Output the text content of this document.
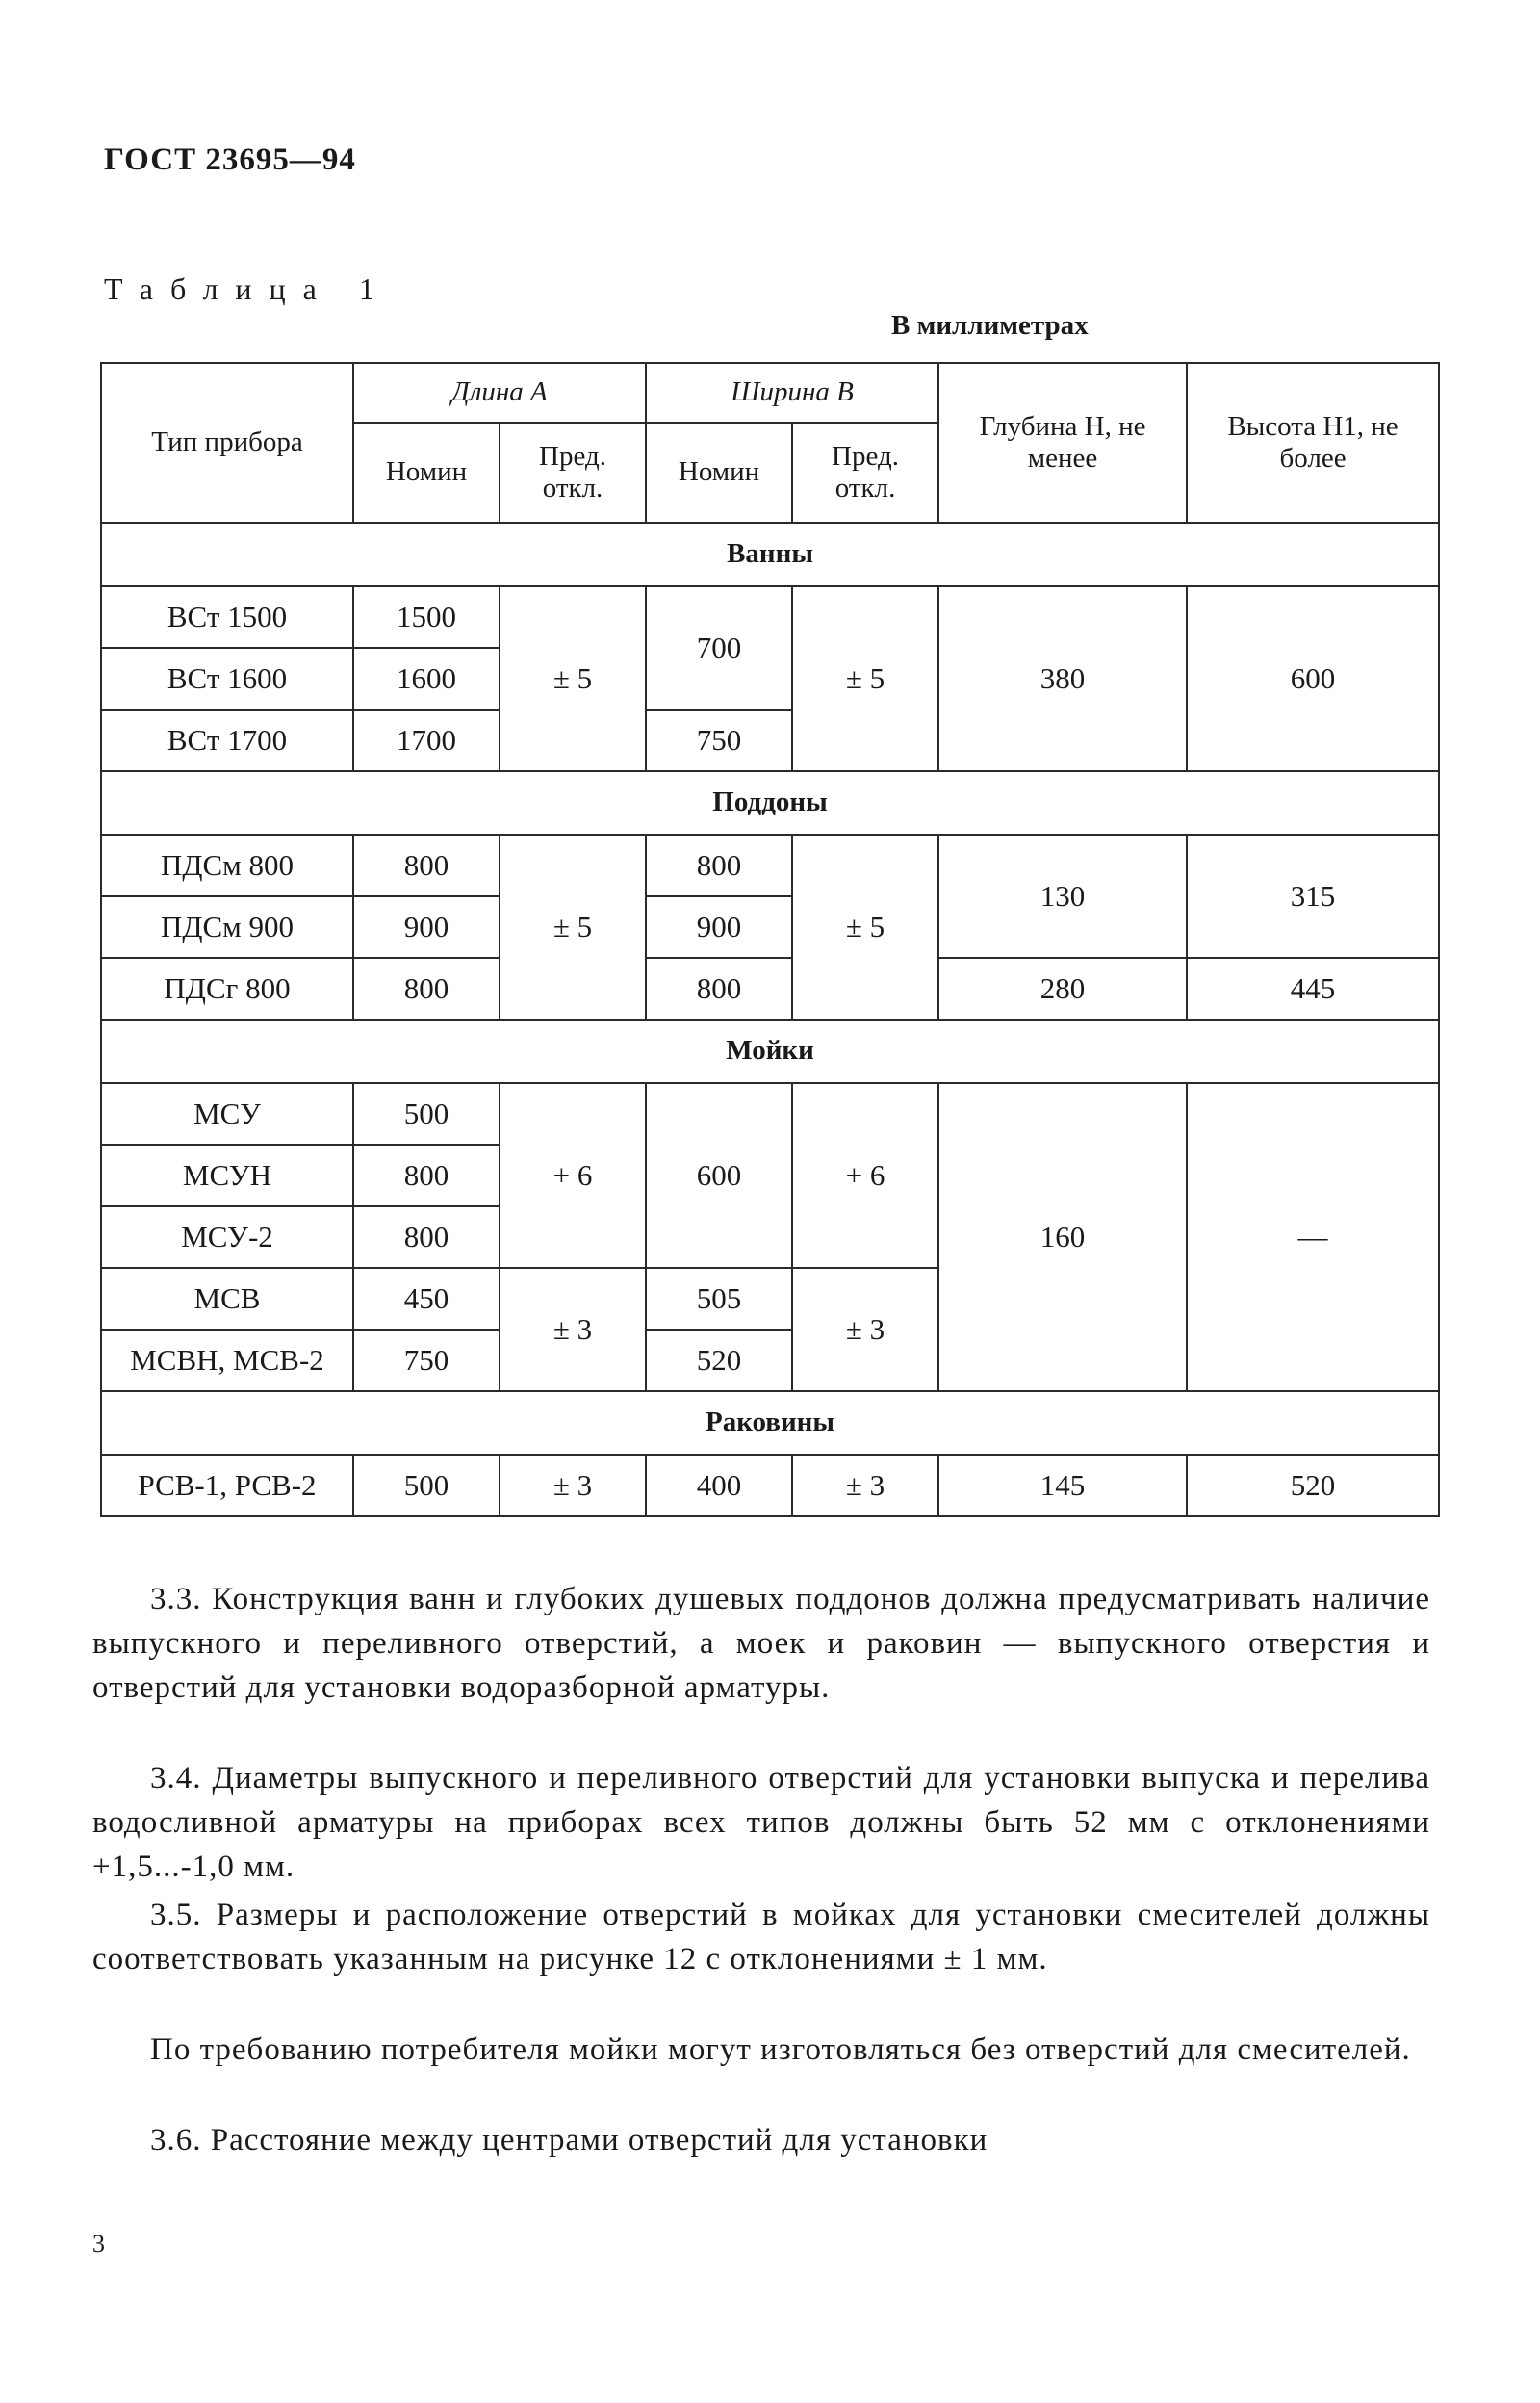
ГОСТ 23695—94
Таблица 1
В миллиметрах
Тип прибора	Длина A		Ширина B		Глубина Н, не менее	Высота H1, не более
	Номин	Пред. откл.	Номин	Пред. откл.		
Ванны						
ВСт 1500	1500	± 5	700	± 5	380	600
ВСт 1600	1600					
ВСт 1700	1700		750			
Поддоны						
ПДСм 800	800	± 5	800	± 5	130	315
ПДСм 900	900		900			
ПДСг 800	800		800		280	445
Мойки						
МСУ	500	+ 6	600	+ 6	160	—
МСУН	800					
МСУ-2	800					
МСВ	450	± 3	505	± 3		
МСВН, МСВ-2	750		520			
Раковины						
РСВ-1, РСВ-2	500	± 3	400	± 3	145	520

3.3. Конструкция ванн и глубоких душевых поддонов должна предусматривать наличие выпускного и переливного отверстий, а моек и раковин — выпускного отверстия и отверстий для установки водоразборной арматуры.

3.4. Диаметры выпускного и переливного отверстий для установки выпуска и перелива водосливной арматуры на приборах всех типов должны быть 52 мм с отклонениями +1,5...-1,0 мм.

3.5. Размеры и расположение отверстий в мойках для установки смесителей должны соответствовать указанным на рисунке 12 с отклонениями ± 1 мм.

По требованию потребителя мойки могут изготовляться без отверстий для смесителей.

3.6. Расстояние между центрами отверстий для установки

3
